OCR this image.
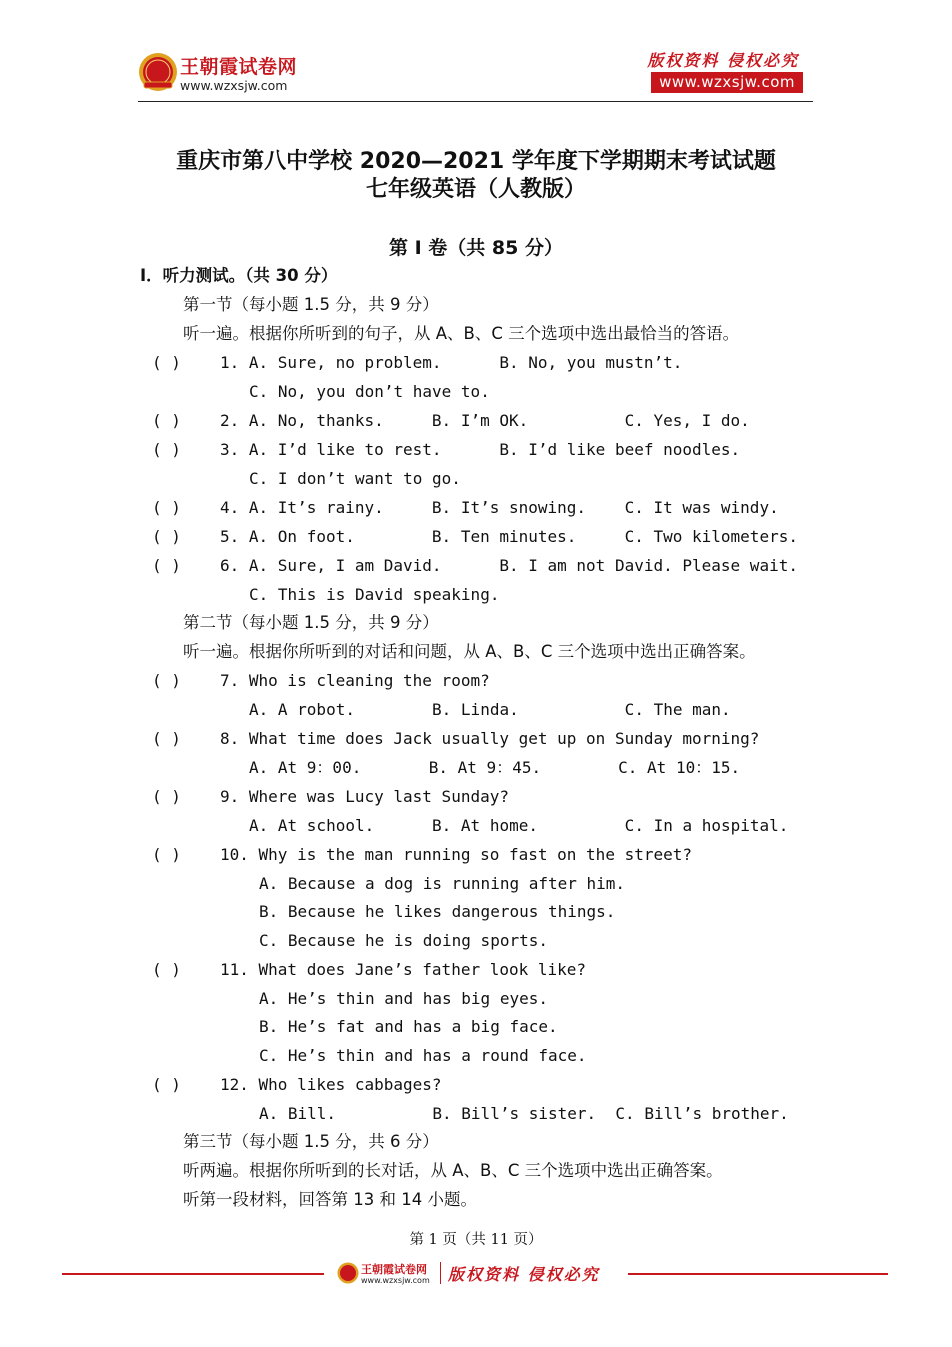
王朝霞试卷网
www.wzxsjw.com
版权资料 侵权必究
www.wzxsjw.com
重庆市第八中学校 2020—2021 学年度下学期期末考试试题
七年级英语（人教版）
第 I 卷（共 85 分）
I．听力测试。（共 30 分）
第一节（每小题 1.5 分，共 9 分）
听一遍。根据你所听到的句子，从 A、B、C 三个选项中选出最恰当的答语。
( ) 1. A. Sure, no problem.      B. No, you mustn’t.
C. No, you don’t have to.
( ) 2. A. No, thanks.     B. I’m OK.          C. Yes, I do.
( ) 3. A. I’d like to rest.      B. I’d like beef noodles.
C. I don’t want to go.
( ) 4. A. It’s rainy.     B. It’s snowing.    C. It was windy.
( ) 5. A. On foot.        B. Ten minutes.     C. Two kilometers.
( ) 6. A. Sure, I am David.      B. I am not David. Please wait.
C. This is David speaking.
第二节（每小题 1.5 分，共 9 分）
听一遍。根据你所听到的对话和问题，从 A、B、C 三个选项中选出正确答案。
( ) 7. Who is cleaning the room?
A. A robot.        B. Linda.           C. The man.
( ) 8. What time does Jack usually get up on Sunday morning?
A. At 9：00.       B. At 9：45.        C. At 10：15.
( ) 9. Where was Lucy last Sunday?
A. At school.      B. At home.         C. In a hospital.
( ) 10. Why is the man running so fast on the street?
A. Because a dog is running after him.
B. Because he likes dangerous things.
C. Because he is doing sports.
( ) 11. What does Jane’s father look like?
A. He’s thin and has big eyes.
B. He’s fat and has a big face.
C. He’s thin and has a round face.
( ) 12. Who likes cabbages?
A. Bill.          B. Bill’s sister.  C. Bill’s brother.
第三节（每小题 1.5 分，共 6 分）
听两遍。根据你所听到的长对话，从 A、B、C 三个选项中选出正确答案。
听第一段材料，回答第 13 和 14 小题。
第 1 页（共 11 页）
王朝霞试卷网
www.wzxsjw.com 版权资料 侵权必究
